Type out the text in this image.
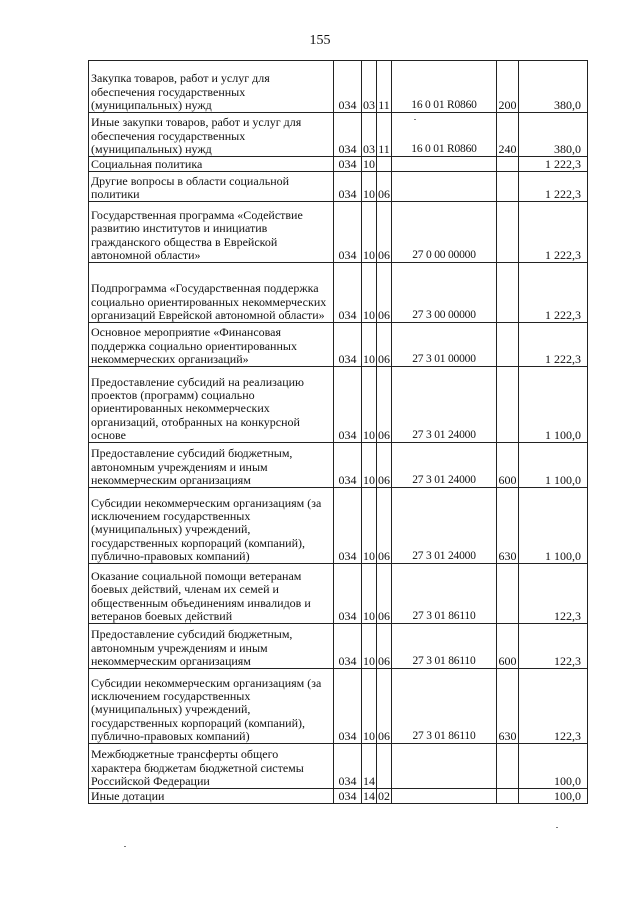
155
Закупка товаров, работ и услуг для обеспечения государственных (муниципальных) нужд	034	03	11	16 0 01 R0860	200	380,0
Иные закупки товаров, работ и услуг для обеспечения государственных (муниципальных) нужд	034	03	11	16 0 01 R0860	240	380,0
Социальная политика	034	10				1 222,3
Другие вопросы в области социальной политики	034	10	06			1 222,3
Государственная программа «Содействие развитию институтов и инициатив гражданского общества в Еврейской автономной области»	034	10	06	27 0 00 00000		1 222,3
Подпрограмма «Государственная поддержка социально ориентированных некоммерческих организаций Еврейской автономной области»	034	10	06	27 3 00 00000		1 222,3
Основное мероприятие «Финансовая поддержка социально ориентированных некоммерческих организаций»	034	10	06	27 3 01 00000		1 222,3
Предоставление субсидий на реализацию проектов (программ) социально ориентированных некоммерческих организаций, отобранных на конкурсной основе	034	10	06	27 3 01 24000		1 100,0
Предоставление субсидий бюджетным, автономным учреждениям и иным некоммерческим организациям	034	10	06	27 3 01 24000	600	1 100,0
Субсидии некоммерческим организациям (за исключением государственных (муниципальных) учреждений, государственных корпораций (компаний), публично-правовых компаний)	034	10	06	27 3 01 24000	630	1 100,0
Оказание социальной помощи ветеранам боевых действий, членам их семей и общественным объединениям инвалидов и ветеранов боевых действий	034	10	06	27 3 01 86110		122,3
Предоставление субсидий бюджетным, автономным учреждениям и иным некоммерческим организациям	034	10	06	27 3 01 86110	600	122,3
Субсидии некоммерческим организациям (за исключением государственных (муниципальных) учреждений, государственных корпораций (компаний), публично-правовых компаний)	034	10	06	27 3 01 86110	630	122,3
Межбюджетные трансферты общего характера бюджетам бюджетной системы Российской Федерации	034	14				100,0
Иные дотации	034	14	02			100,0
